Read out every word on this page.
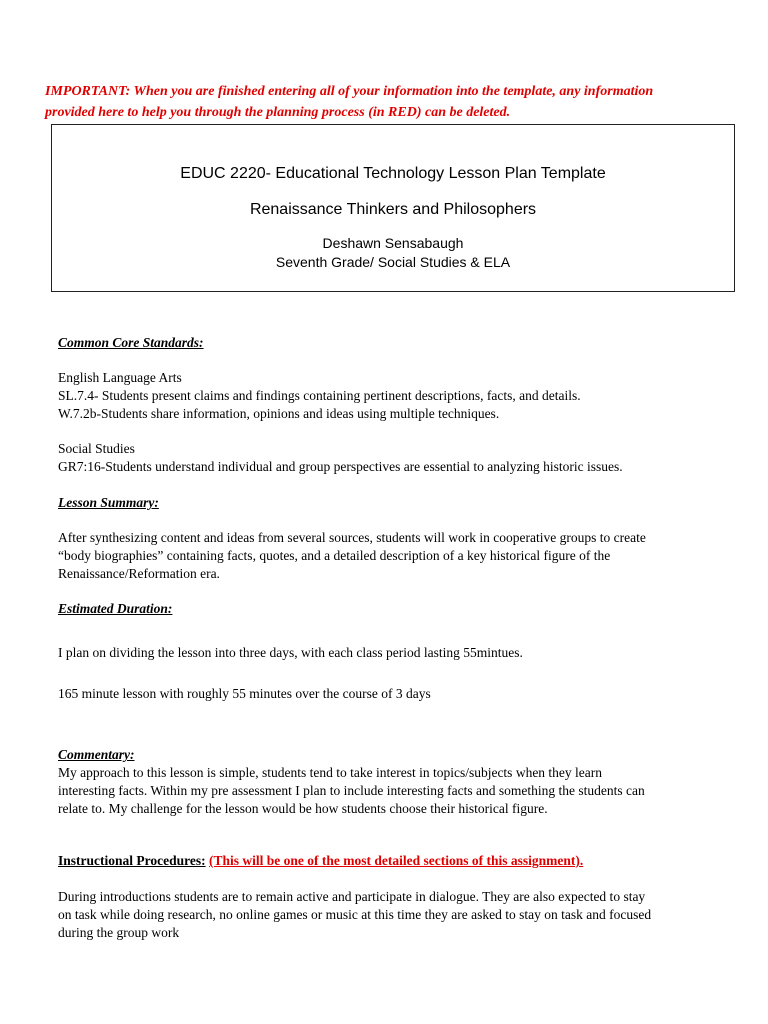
IMPORTANT: When you are finished entering all of your information into the template, any information
provided here to help you through the planning process (in RED) can be deleted.
EDUC 2220- Educational Technology Lesson Plan Template
Renaissance Thinkers and Philosophers
Deshawn Sensabaugh
Seventh Grade/ Social Studies & ELA
Common Core Standards:
English Language Arts
SL.7.4- Students present claims and findings containing pertinent descriptions, facts, and details.
W.7.2b-Students share information, opinions and ideas using multiple techniques.
Social Studies
GR7:16-Students understand individual and group perspectives are essential to analyzing historic issues.
Lesson Summary:
After synthesizing content and ideas from several sources, students will work in cooperative groups to create
“body biographies” containing facts, quotes, and a detailed description of a key historical figure of the
Renaissance/Reformation era.
Estimated Duration:
I plan on dividing the lesson into three days, with each class period lasting 55mintues.
165 minute lesson with roughly 55 minutes over the course of 3 days
Commentary:
My approach to this lesson is simple, students tend to take interest in topics/subjects when they learn
interesting facts. Within my pre assessment I plan to include interesting facts and something the students can
relate to. My challenge for the lesson would be how students choose their historical figure.
Instructional Procedures: (This will be one of the most detailed sections of this assignment).
During introductions students are to remain active and participate in dialogue. They are also expected to stay
on task while doing research, no online games or music at this time they are asked to stay on task and focused
during the group work
